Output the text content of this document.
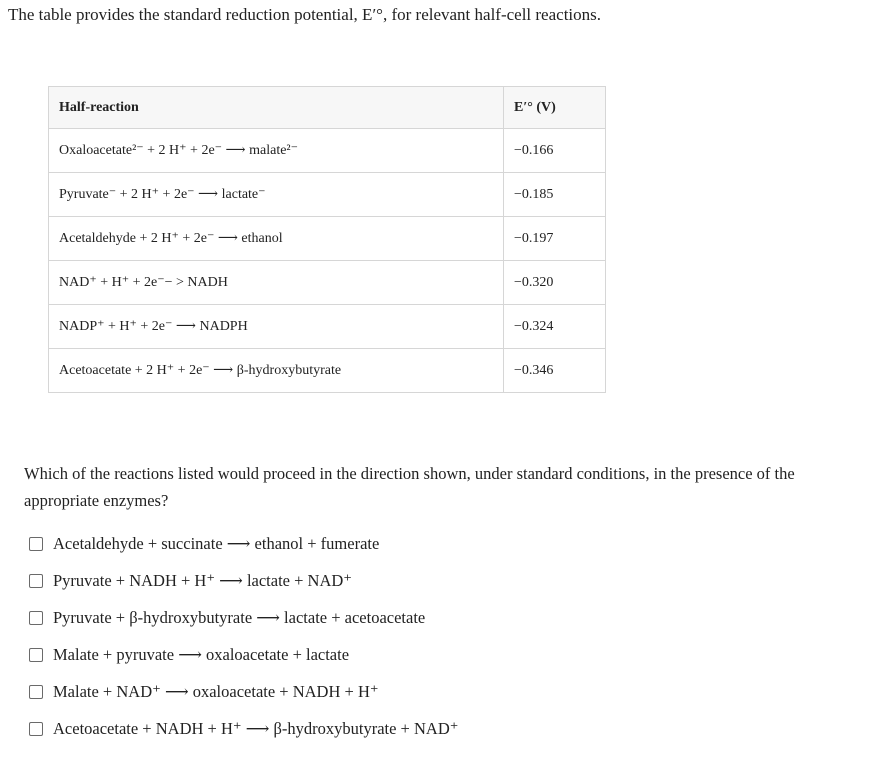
The table provides the standard reduction potential, E′°, for relevant half-cell reactions.

Half-reaction	E′° (V)
Oxaloacetate²⁻ + 2 H⁺ + 2e⁻ ⟶ malate²⁻	−0.166
Pyruvate⁻ + 2 H⁺ + 2e⁻ ⟶ lactate⁻	−0.185
Acetaldehyde + 2 H⁺ + 2e⁻ ⟶ ethanol	−0.197
NAD⁺ + H⁺ + 2e⁻− > NADH	−0.320
NADP⁺ + H⁺ + 2e⁻ ⟶ NADPH	−0.324
Acetoacetate + 2 H⁺ + 2e⁻ ⟶ β-hydroxybutyrate	−0.346

Which of the reactions listed would proceed in the direction shown, under standard conditions, in the presence of the appropriate enzymes?

Acetaldehyde + succinate ⟶ ethanol + fumerate
Pyruvate + NADH + H⁺ ⟶ lactate + NAD⁺
Pyruvate + β-hydroxybutyrate ⟶ lactate + acetoacetate
Malate + pyruvate ⟶ oxaloacetate + lactate
Malate + NAD⁺ ⟶ oxaloacetate + NADH + H⁺
Acetoacetate + NADH + H⁺ ⟶ β-hydroxybutyrate + NAD⁺
